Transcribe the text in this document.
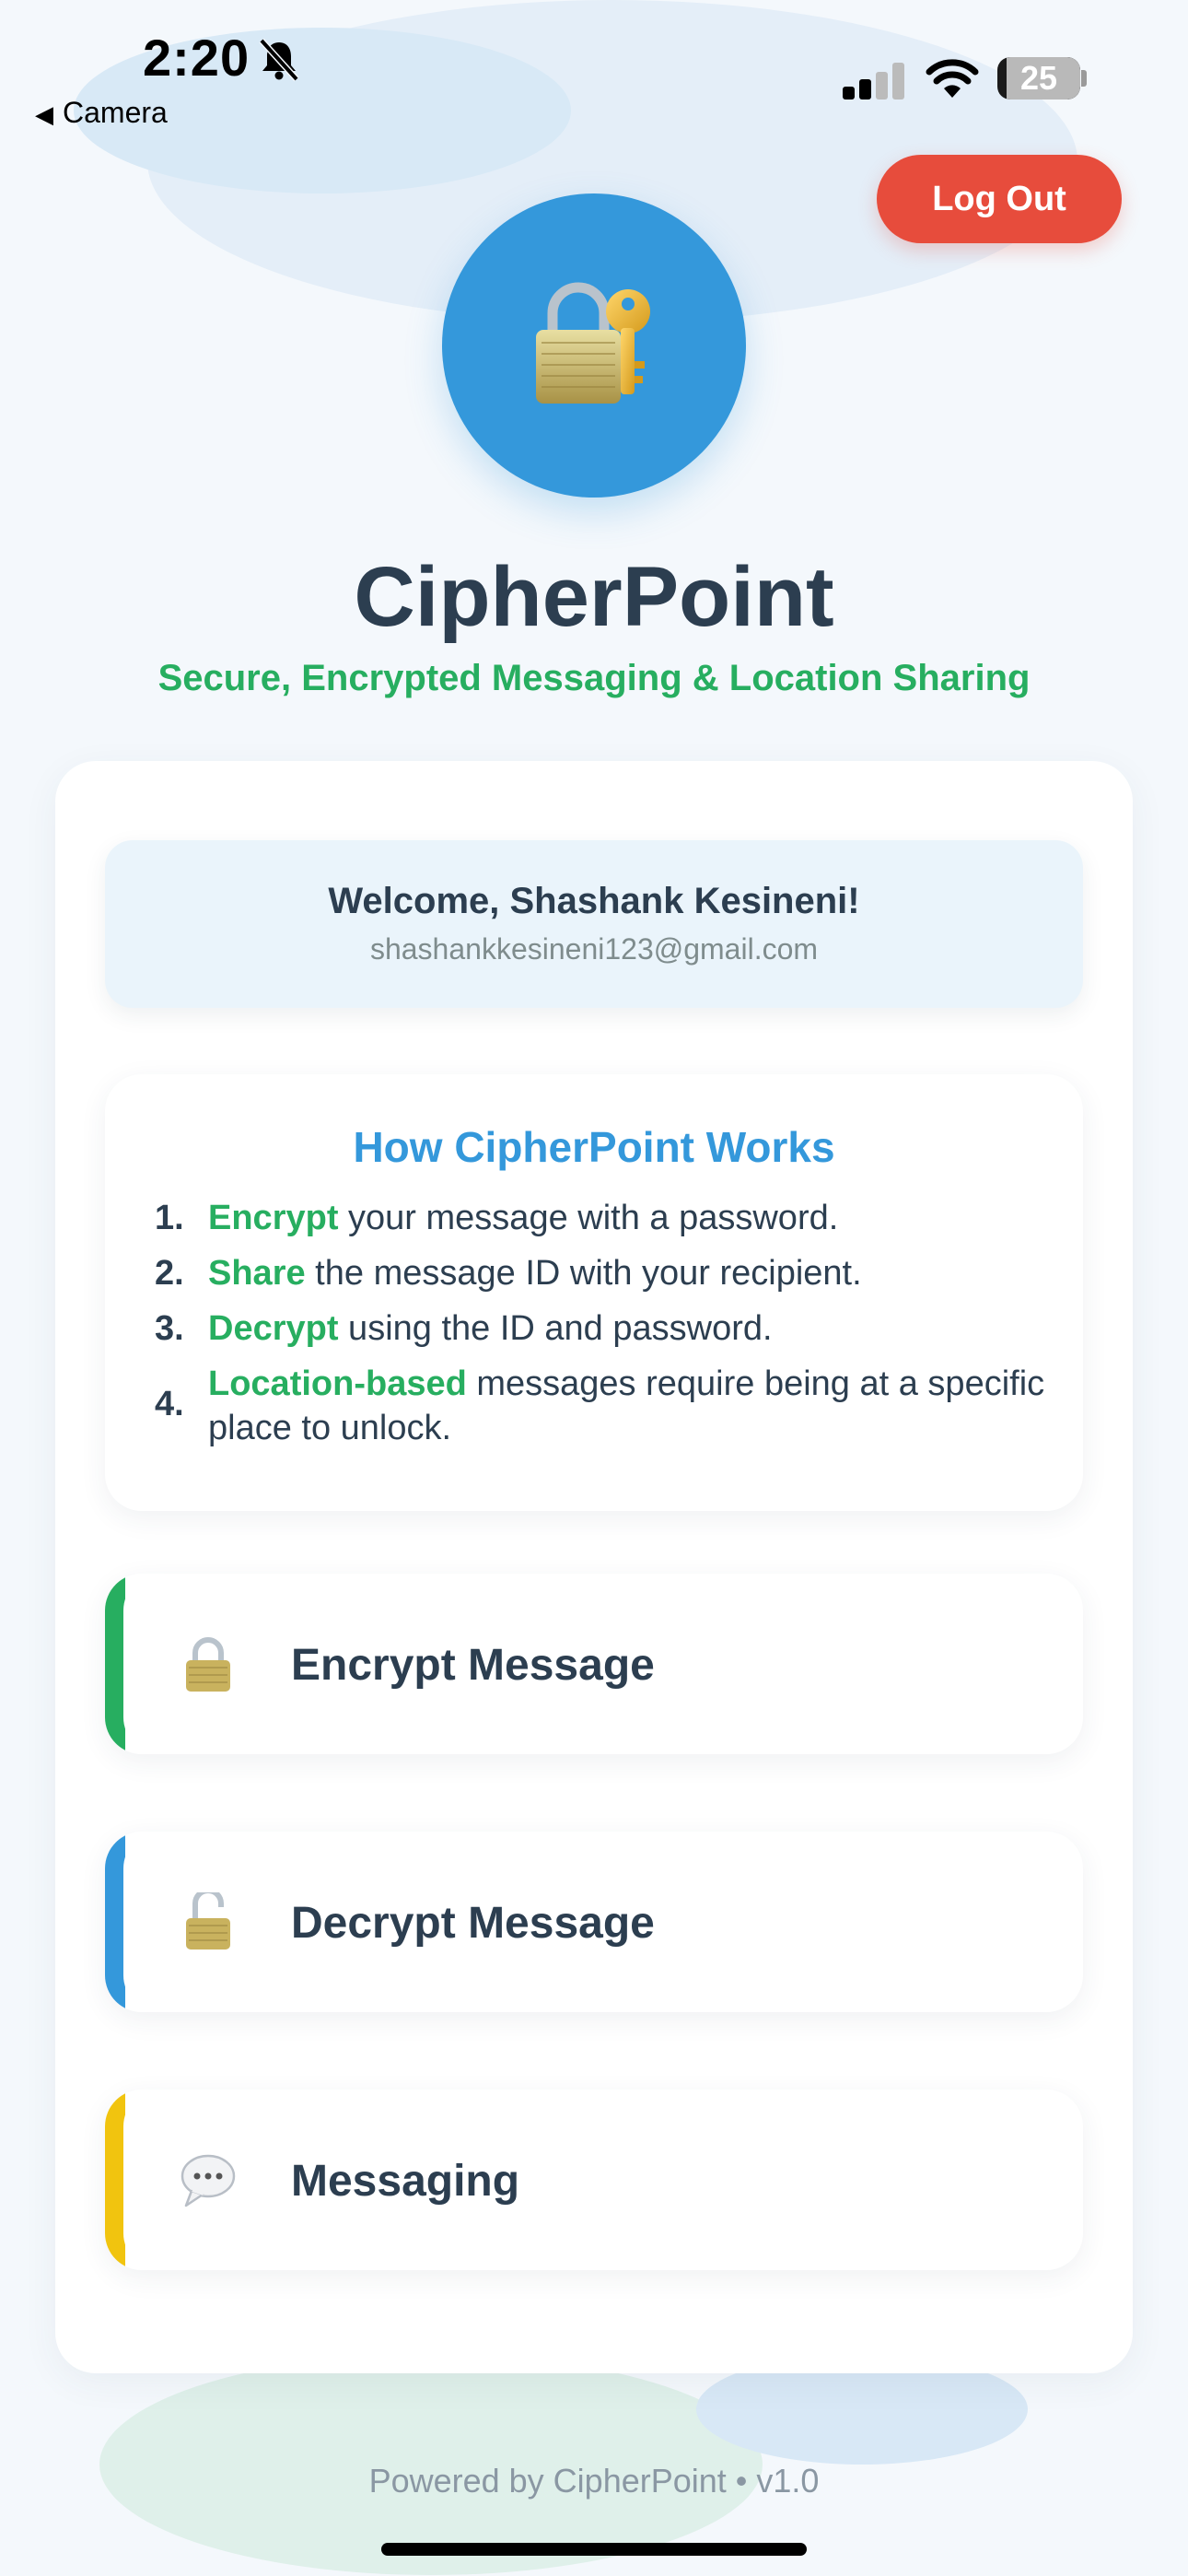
2:20
◀ Camera
25
Log Out
CipherPoint
Secure, Encrypted Messaging & Location Sharing
Welcome, Shashank Kesineni!
shashankkesineni123@gmail.com
How CipherPoint Works
1. Encrypt your message with a password.
2. Share the message ID with your recipient.
3. Decrypt using the ID and password.
4.
Location-based messages require being at a specific place to unlock.
Encrypt Message
Decrypt Message
Messaging
Powered by CipherPoint • v1.0
